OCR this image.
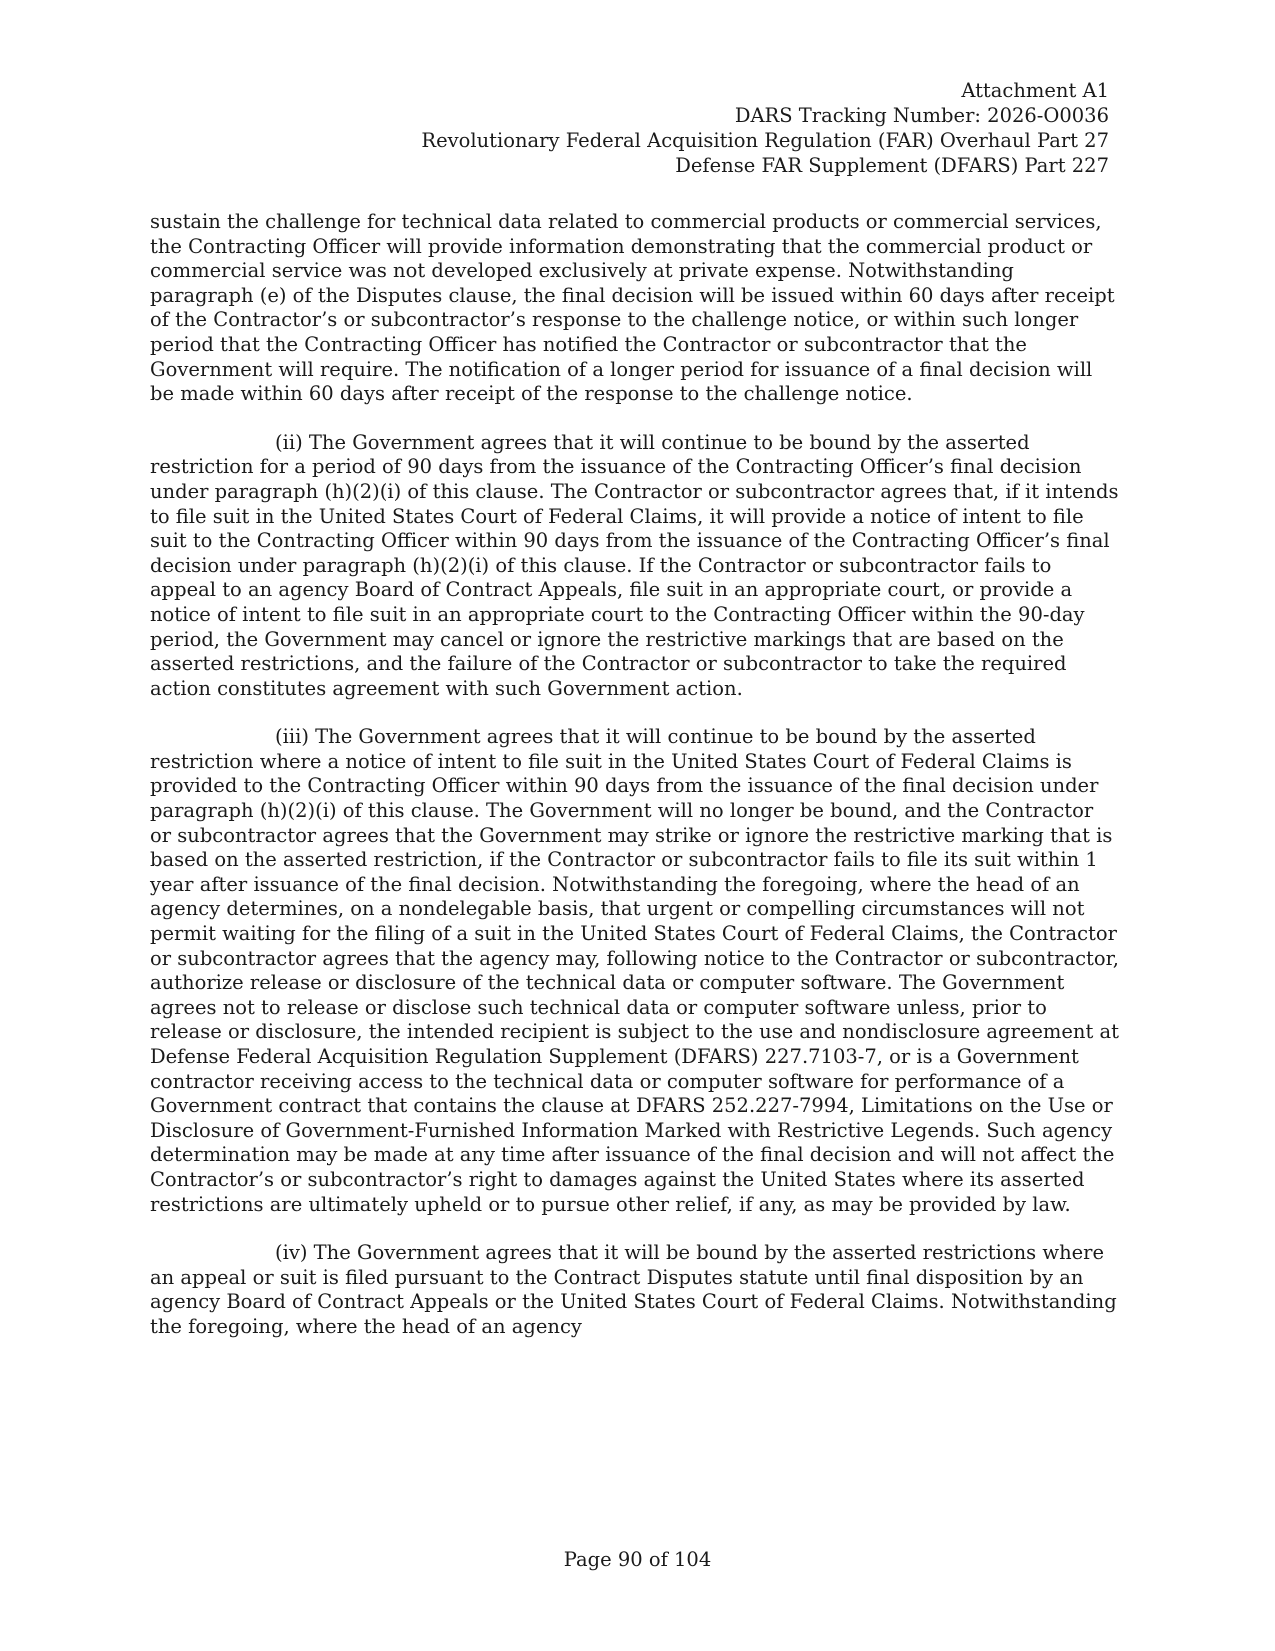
Attachment A1
DARS Tracking Number: 2026-O0036
Revolutionary Federal Acquisition Regulation (FAR) Overhaul Part 27
Defense FAR Supplement (DFARS) Part 227

sustain the challenge for technical data related to commercial products or commercial services, the Contracting Officer will provide information demonstrating that the commercial product or commercial service was not developed exclusively at private expense. Notwithstanding paragraph (e) of the Disputes clause, the final decision will be issued within 60 days after receipt of the Contractor’s or subcontractor’s response to the challenge notice, or within such longer period that the Contracting Officer has notified the Contractor or subcontractor that the Government will require. The notification of a longer period for issuance of a final decision will be made within 60 days after receipt of the response to the challenge notice.

(ii) The Government agrees that it will continue to be bound by the asserted restriction for a period of 90 days from the issuance of the Contracting Officer’s final decision under paragraph (h)(2)(i) of this clause. The Contractor or subcontractor agrees that, if it intends to file suit in the United States Court of Federal Claims, it will provide a notice of intent to file suit to the Contracting Officer within 90 days from the issuance of the Contracting Officer’s final decision under paragraph (h)(2)(i) of this clause. If the Contractor or subcontractor fails to appeal to an agency Board of Contract Appeals, file suit in an appropriate court, or provide a notice of intent to file suit in an appropriate court to the Contracting Officer within the 90-day period, the Government may cancel or ignore the restrictive markings that are based on the asserted restrictions, and the failure of the Contractor or subcontractor to take the required action constitutes agreement with such Government action.

(iii) The Government agrees that it will continue to be bound by the asserted restriction where a notice of intent to file suit in the United States Court of Federal Claims is provided to the Contracting Officer within 90 days from the issuance of the final decision under paragraph (h)(2)(i) of this clause. The Government will no longer be bound, and the Contractor or subcontractor agrees that the Government may strike or ignore the restrictive marking that is based on the asserted restriction, if the Contractor or subcontractor fails to file its suit within 1 year after issuance of the final decision. Notwithstanding the foregoing, where the head of an agency determines, on a nondelegable basis, that urgent or compelling circumstances will not permit waiting for the filing of a suit in the United States Court of Federal Claims, the Contractor or subcontractor agrees that the agency may, following notice to the Contractor or subcontractor, authorize release or disclosure of the technical data or computer software. The Government agrees not to release or disclose such technical data or computer software unless, prior to release or disclosure, the intended recipient is subject to the use and nondisclosure agreement at Defense Federal Acquisition Regulation Supplement (DFARS) 227.7103-7, or is a Government contractor receiving access to the technical data or computer software for performance of a Government contract that contains the clause at DFARS 252.227-7994, Limitations on the Use or Disclosure of Government-Furnished Information Marked with Restrictive Legends. Such agency determination may be made at any time after issuance of the final decision and will not affect the Contractor’s or subcontractor’s right to damages against the United States where its asserted restrictions are ultimately upheld or to pursue other relief, if any, as may be provided by law.

(iv) The Government agrees that it will be bound by the asserted restrictions where an appeal or suit is filed pursuant to the Contract Disputes statute until final disposition by an agency Board of Contract Appeals or the United States Court of Federal Claims. Notwithstanding the foregoing, where the head of an agency

Page 90 of 104
